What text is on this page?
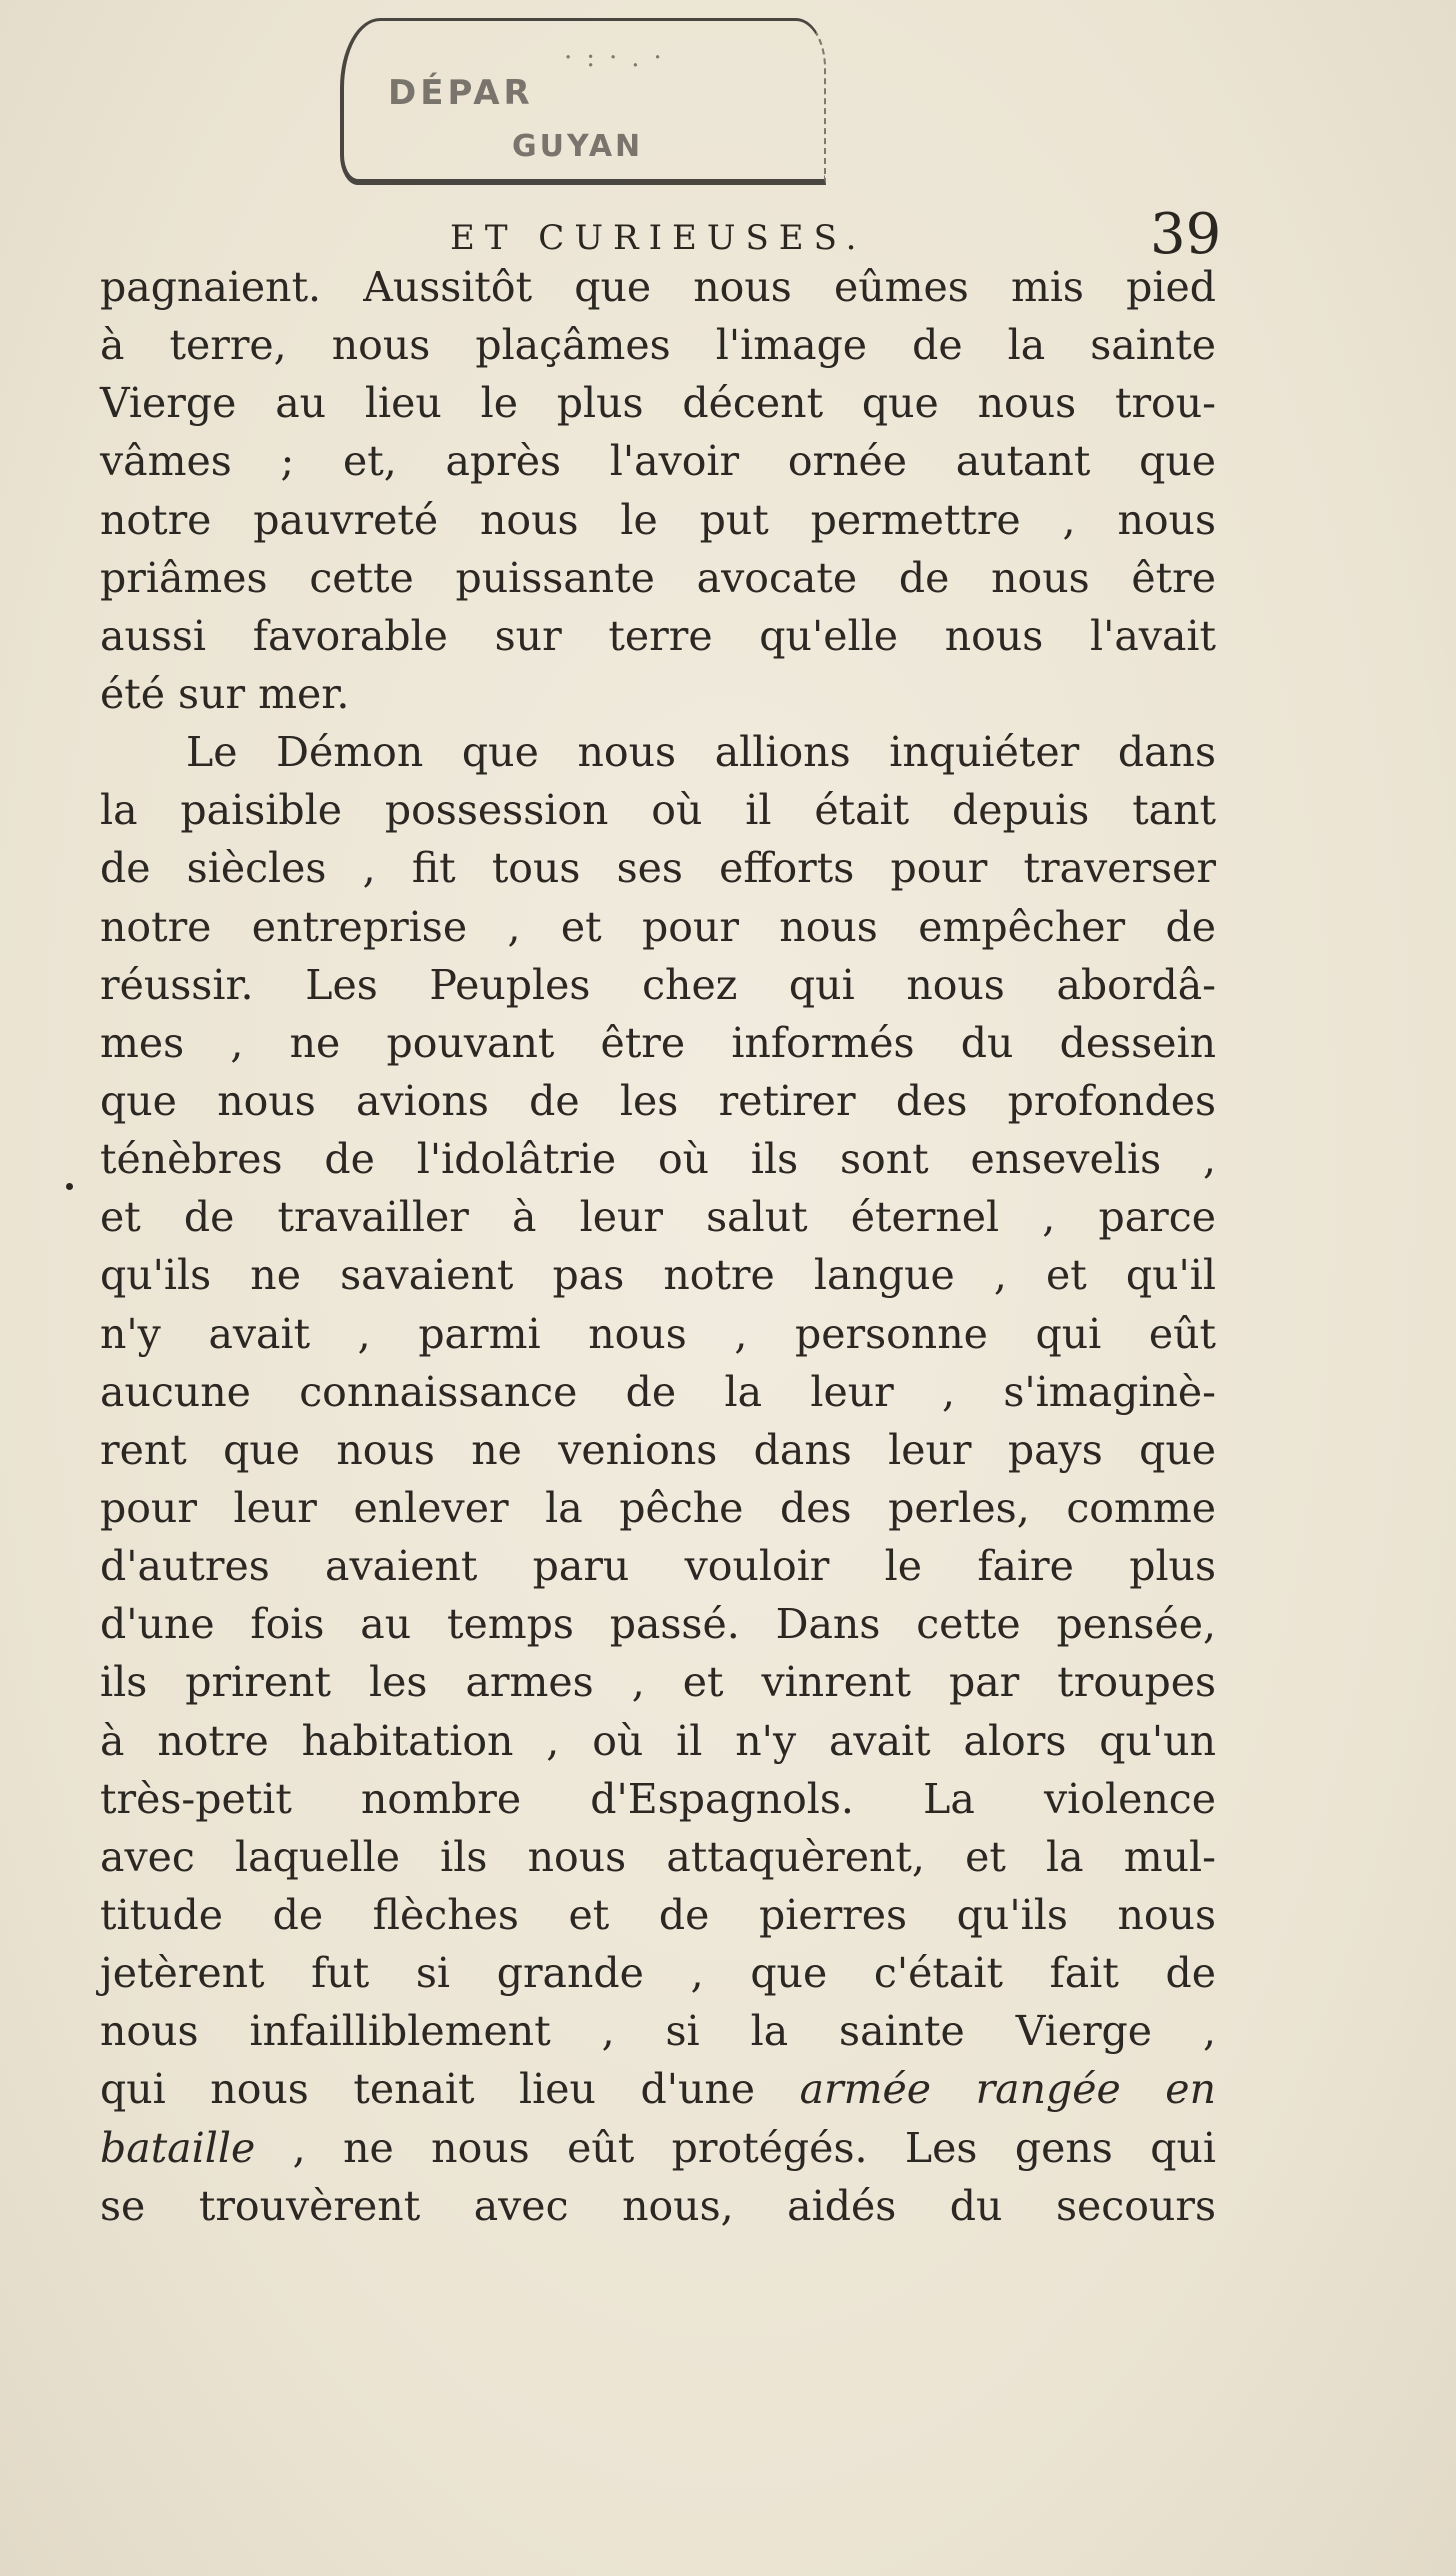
·:·.·
DÉPAR
GUYAN
ET CURIEUSES.	39
pagnaient. Aussitôt que nous eûmes mis pied
à terre, nous plaçâmes l'image de la sainte
Vierge au lieu le plus décent que nous trou-
vâmes ; et, après l'avoir ornée autant que
notre pauvreté nous le put permettre , nous
priâmes cette puissante avocate de nous être
aussi favorable sur terre qu'elle nous l'avait
été sur mer.
Le Démon que nous allions inquiéter dans
la paisible possession où il était depuis tant
de siècles , fit tous ses efforts pour traverser
notre entreprise , et pour nous empêcher de
réussir. Les Peuples chez qui nous abordâ-
mes , ne pouvant être informés du dessein
que nous avions de les retirer des profondes
ténèbres de l'idolâtrie où ils sont ensevelis ,
et de travailler à leur salut éternel , parce
qu'ils ne savaient pas notre langue , et qu'il
n'y avait , parmi nous , personne qui eût
aucune connaissance de la leur , s'imaginè-
rent que nous ne venions dans leur pays que
pour leur enlever la pêche des perles, comme
d'autres avaient paru vouloir le faire plus
d'une fois au temps passé. Dans cette pensée,
ils prirent les armes , et vinrent par troupes
à notre habitation , où il n'y avait alors qu'un
très-petit nombre d'Espagnols. La violence
avec laquelle ils nous attaquèrent, et la mul-
titude de flèches et de pierres qu'ils nous
jetèrent fut si grande , que c'était fait de
nous infailliblement , si la sainte Vierge ,
qui nous tenait lieu d'une armée rangée en
bataille , ne nous eût protégés. Les gens qui
se trouvèrent avec nous, aidés du secours
